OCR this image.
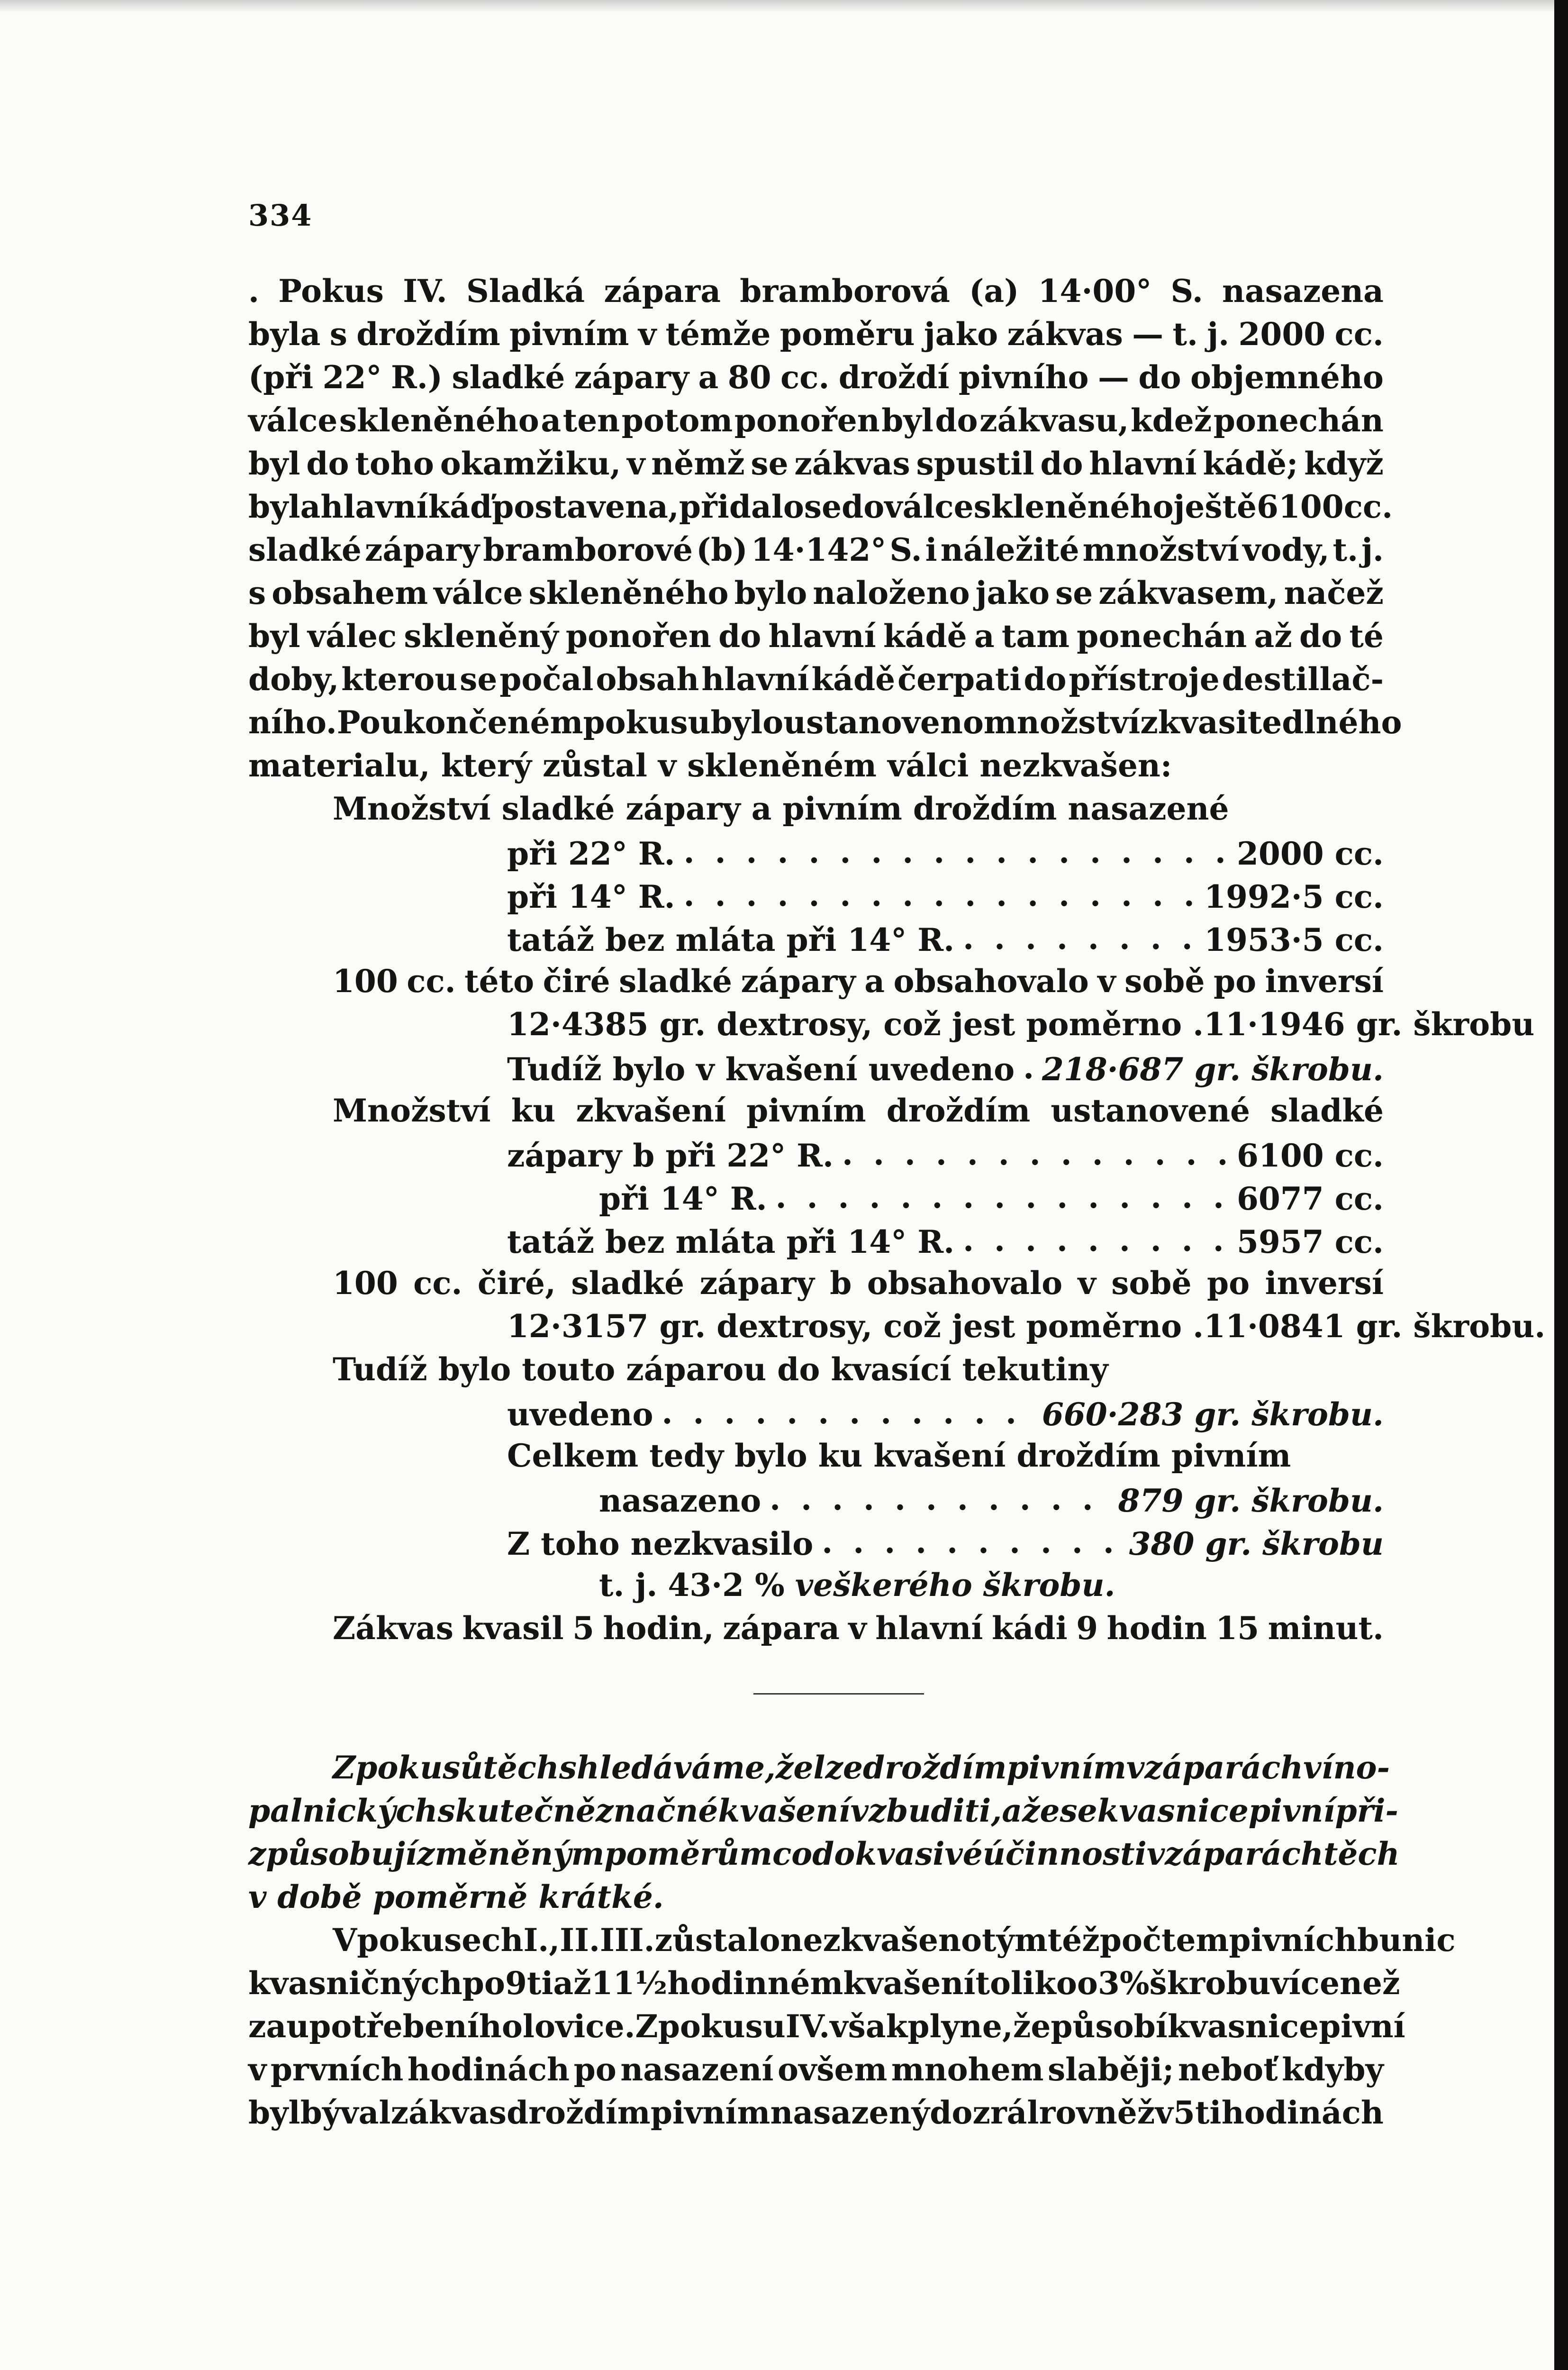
334
. Pokus IV. Sladká zápara bramborová (a) 14·00° S. nasazena
byla s droždím pivním v témže poměru jako zákvas — t. j. 2000 cc.
(při 22° R.) sladké zápary a 80 cc. droždí pivního — do objemného
válce skleněného a ten potom ponořen byl do zákvasu, kdež ponechán
byl do toho okamžiku, v němž se zákvas spustil do hlavní kádě; když
byla hlavní káď postavena, přidalo se do válce skleněného ještě 6100 cc.
sladké zápary bramborové (b) 14·142° S. i náležité množství vody, t. j.
s obsahem válce skleněného bylo naloženo jako se zákvasem, načež
byl válec skleněný ponořen do hlavní kádě a tam ponechán až do té
doby, kterou se počal obsah hlavní kádě čerpati do přístroje destillač-
ního. Po ukončeném pokusu bylo ustanoveno množství zkvasitedlného
materialu, který zůstal v skleněném válci nezkvašen:
Množství sladké zápary a pivním droždím nasazené
při 22° R. . . .	2000 cc.
při 14° R. . . .	1992·5 cc.
tatáž bez mláta při 14° R. . . .	1953·5 cc.
100 cc. této čiré sladké zápary a obsahovalo v sobě po inversí
12·4385 gr. dextrosy, což jest poměrno . 11·1946 gr. škrobu
Tudíž bylo v kvašení uvedeno . . . 218·687 gr. škrobu.
Množství ku zkvašení pivním droždím ustanovené sladké
zápary b při 22° R. . . .	6100 cc.
při 14° R. . . .	6077 cc.
tatáž bez mláta při 14° R. . . .	5957 cc.
100 cc. čiré, sladké zápary b obsahovalo v sobě po inversí
12·3157 gr. dextrosy, což jest poměrno . 11·0841 gr. škrobu.
Tudíž bylo touto záparou do kvasící tekutiny
uvedeno . . .	660·283 gr. škrobu.
Celkem tedy bylo ku kvašení droždím pivním
nasazeno . . .	879 gr. škrobu.
Z toho nezkvasilo . . .	380 gr. škrobu
t. j. 43·2 % veškerého škrobu.
Zákvas kvasil 5 hodin, zápara v hlavní kádi 9 hodin 15 minut.
Z pokusů těch shledáváme, že lze droždím pivním v záparách víno-
palnických skutečně značné kvašení vzbuditi, a že se kvasnice pivní při-
způsobují změněným poměrům co do kvasivé účinnosti v záparách těch
v době poměrně krátké.
V pokusech I., II. III. zůstalo nezkvašeno týmtéž počtem pivních bunic
kvasničných po 9ti až 11½hodinném kvašení toliko o 3% škrobu více než
za upotřebení holovice. Z pokusu IV. však plyne, že působí kvasnice pivní
v prvních hodinách po nasazení ovšem mnohem slaběji; neboť kdyby
byl býval zákvas droždím pivním nasazený dozrál rovněž v 5ti hodinách
